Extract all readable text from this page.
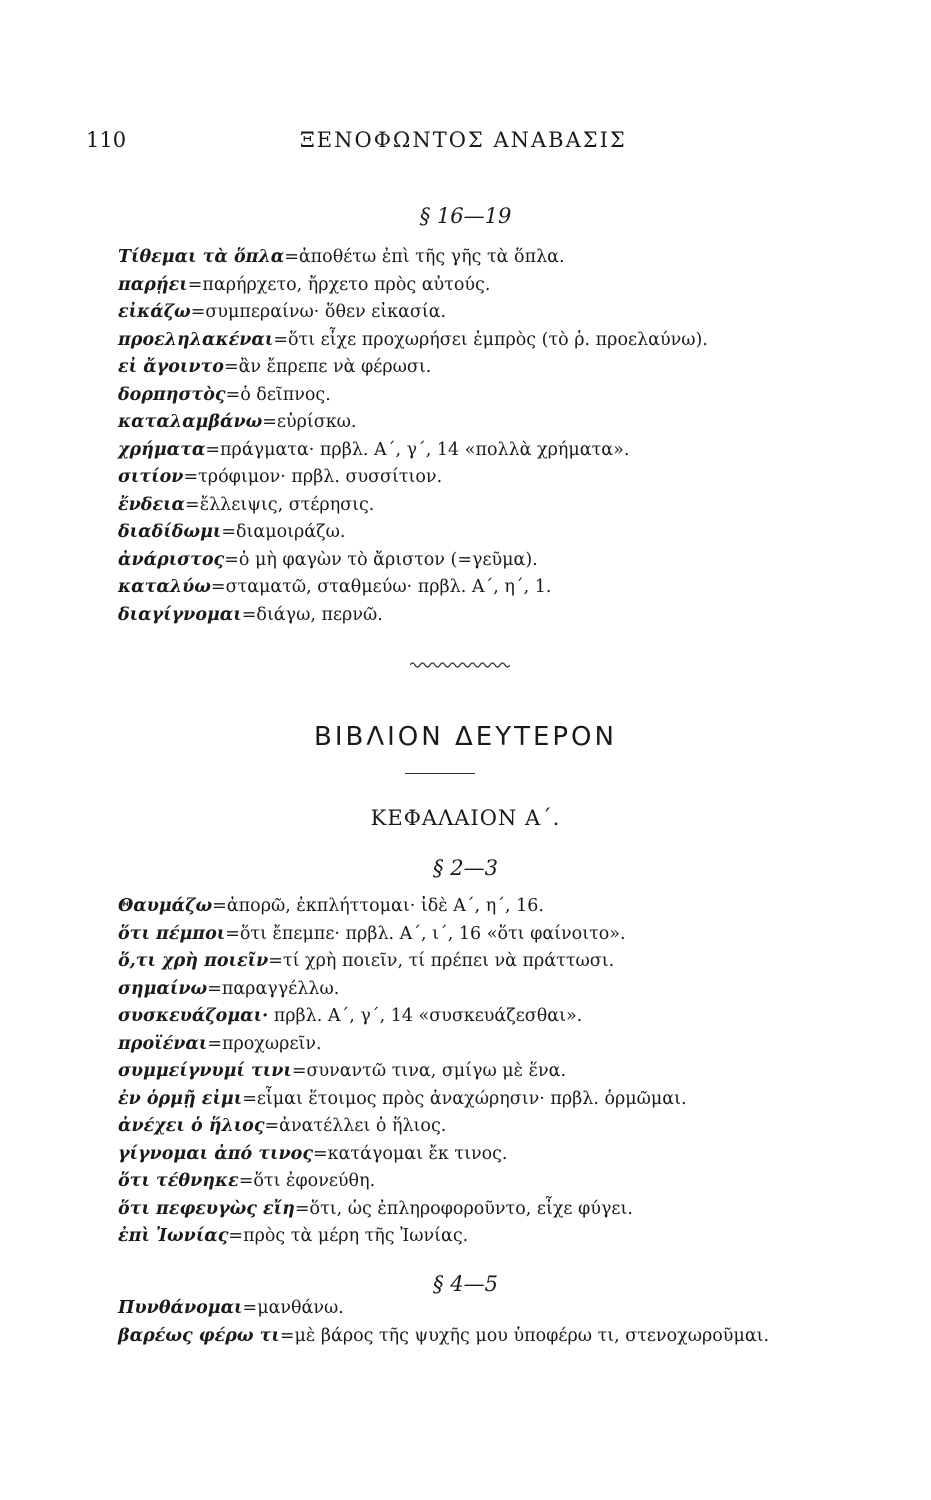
110	ΞΕΝΟΦΩΝΤΟΣ ΑΝΑΒΑΣΙΣ
§ 16—19
Τίθεμαι τὰ ὅπλα=ἀποθέτω ἐπὶ τῆς γῆς τὰ ὅπλα.
παρῄει=παρήρχετο, ἤρχετο πρὸς αὐτούς.
εἰκάζω=συμπεραίνω· ὅθεν εἰκασία.
προεληλακέναι=ὅτι εἶχε προχωρήσει ἐμπρὸς (τὸ ῥ. προελαύνω).
εἰ ἄγοιντο=ἂν ἔπρεπε νὰ φέρωσι.
δορπηστὸς=ὁ δεῖπνος.
καταλαμβάνω=εὑρίσκω.
χρήματα=πράγματα· πρβλ. Α΄, γ΄, 14 «πολλὰ χρήματα».
σιτίον=τρόφιμον· πρβλ. συσσίτιον.
ἔνδεια=ἔλλειψις, στέρησις.
διαδίδωμι=διαμοιράζω.
ἀνάριστος=ὁ μὴ φαγὼν τὸ ἄριστον (=γεῦμα).
καταλύω=σταματῶ, σταθμεύω· πρβλ. Α΄, η΄, 1.
διαγίγνομαι=διάγω, περνῶ.
ΒΙΒΛΙΟΝ ΔΕΥΤΕΡΟΝ
ΚΕΦΑΛΑΙΟΝ Α΄.
§ 2—3
Θαυμάζω=ἀπορῶ, ἐκπλήττομαι· ἰδὲ Α΄, η΄, 16.
ὅτι πέμποι=ὅτι ἔπεμπε· πρβλ. Α΄, ι΄, 16 «ὅτι φαίνοιτο».
ὅ,τι χρὴ ποιεῖν=τί χρὴ ποιεῖν, τί πρέπει νὰ πράττωσι.
σημαίνω=παραγγέλλω.
συσκευάζομαι· πρβλ. Α΄, γ΄, 14 «συσκευάζεσθαι».
προϊέναι=προχωρεῖν.
συμμείγνυμί τινι=συναντῶ τινα, σμίγω μὲ ἕνα.
ἐν ὁρμῇ εἰμι=εἶμαι ἕτοιμος πρὸς ἀναχώρησιν· πρβλ. ὁρμῶμαι.
ἀνέχει ὁ ἥλιος=ἀνατέλλει ὁ ἥλιος.
γίγνομαι ἀπό τινος=κατάγομαι ἔκ τινος.
ὅτι τέθνηκε=ὅτι ἐφονεύθη.
ὅτι πεφευγὼς εἴη=ὅτι, ὡς ἐπληροφοροῦντο, εἶχε φύγει.
ἐπὶ Ἰωνίας=πρὸς τὰ μέρη τῆς Ἰωνίας.
§ 4—5
Πυνθάνομαι=μανθάνω.
βαρέως φέρω τι=μὲ βάρος τῆς ψυχῆς μου ὑποφέρω τι, στενοχωροῦμαι.
